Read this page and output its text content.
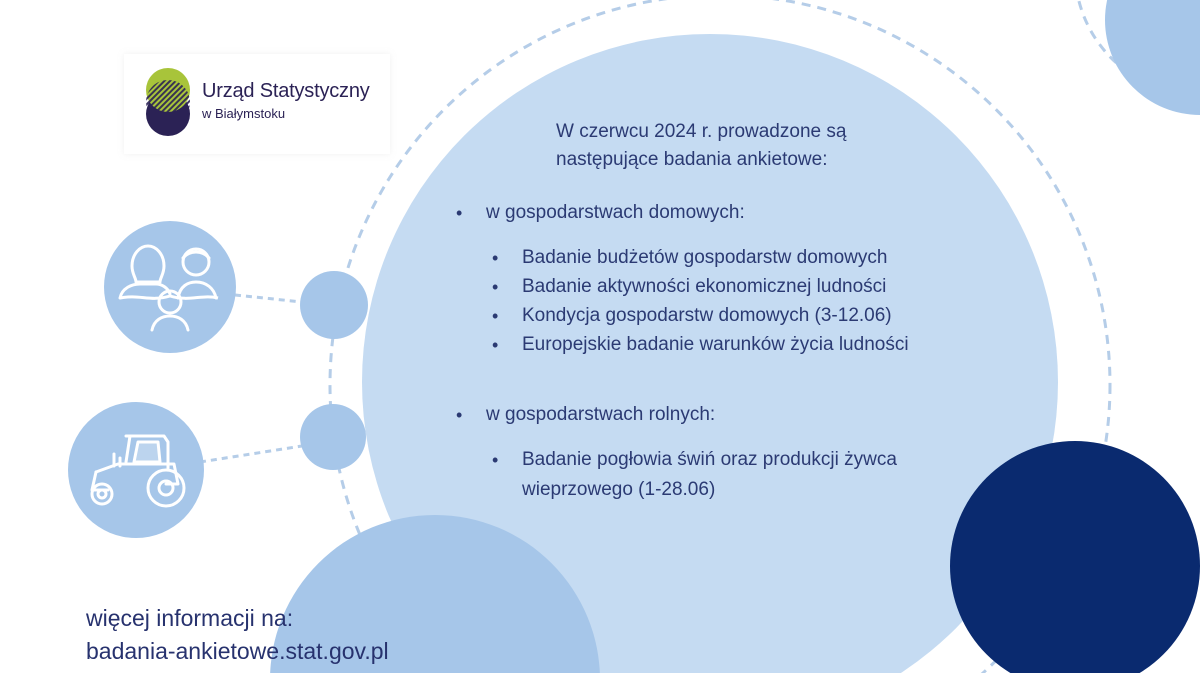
Urząd Statystyczny
w Białymstoku
W czerwcu 2024 r. prowadzone są
następujące badania ankietowe:
• w gospodarstwach domowych:
• Badanie budżetów gospodarstw domowych
• Badanie aktywności ekonomicznej ludności
• Kondycja gospodarstw domowych (3-12.06)
• Europejskie badanie warunków życia ludności
• w gospodarstwach rolnych:
• Badanie pogłowia świń oraz produkcji żywca
wieprzowego (1-28.06)
więcej informacji na:
badania-ankietowe.stat.gov.pl
